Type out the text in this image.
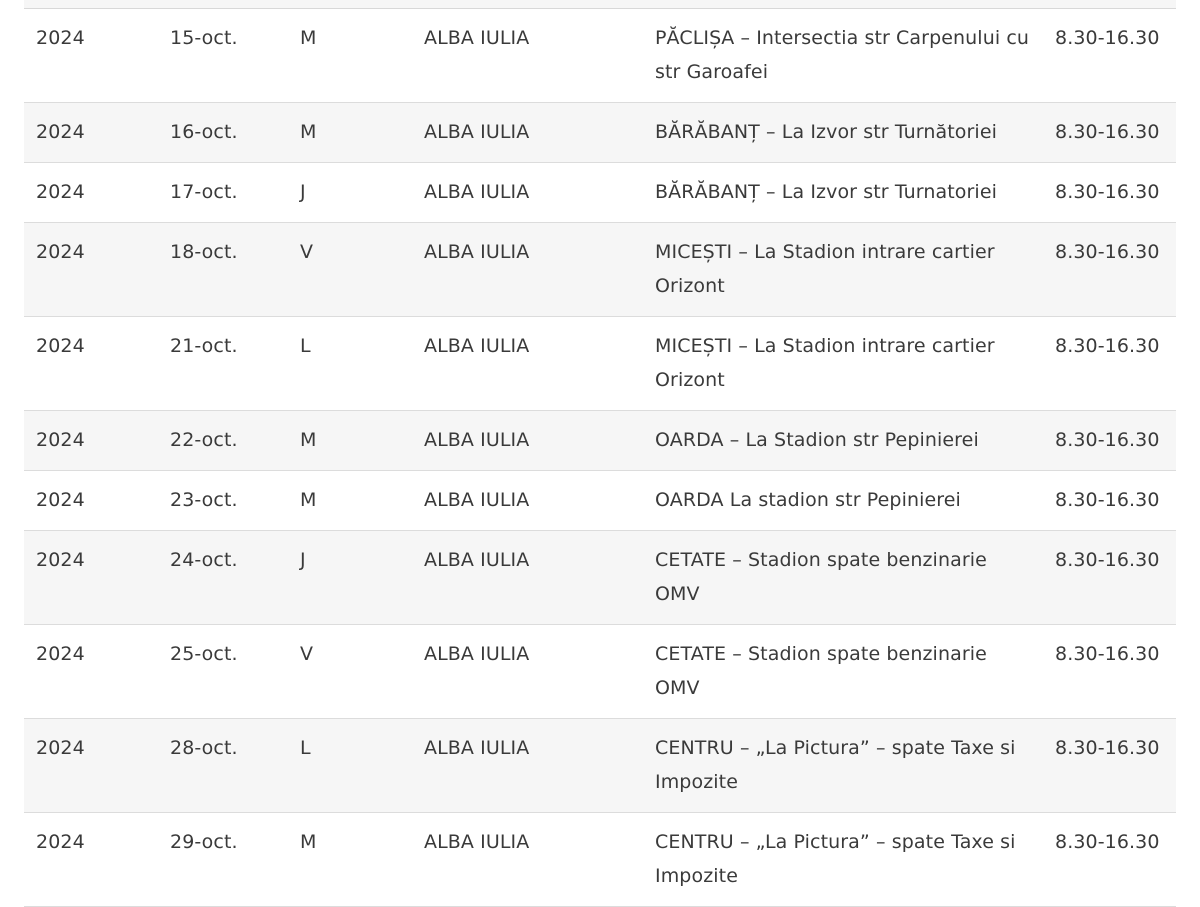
2024	15-oct.	M	ALBA IULIA	PĂCLIȘA – Intersectia str Carpenului cu str Garoafei	8.30-16.30
2024	16-oct.	M	ALBA IULIA	BĂRĂBANȚ – La Izvor str Turnătoriei	8.30-16.30
2024	17-oct.	J	ALBA IULIA	BĂRĂBANȚ – La Izvor str Turnatoriei	8.30-16.30
2024	18-oct.	V	ALBA IULIA	MICEȘTI – La Stadion intrare cartier Orizont	8.30-16.30
2024	21-oct.	L	ALBA IULIA	MICEȘTI – La Stadion intrare cartier Orizont	8.30-16.30
2024	22-oct.	M	ALBA IULIA	OARDA – La Stadion str Pepinierei	8.30-16.30
2024	23-oct.	M	ALBA IULIA	OARDA La stadion str Pepinierei	8.30-16.30
2024	24-oct.	J	ALBA IULIA	CETATE – Stadion spate benzinarie OMV	8.30-16.30
2024	25-oct.	V	ALBA IULIA	CETATE – Stadion spate benzinarie OMV	8.30-16.30
2024	28-oct.	L	ALBA IULIA	CENTRU – „La Pictura” – spate Taxe si Impozite	8.30-16.30
2024	29-oct.	M	ALBA IULIA	CENTRU – „La Pictura” – spate Taxe si Impozite	8.30-16.30
